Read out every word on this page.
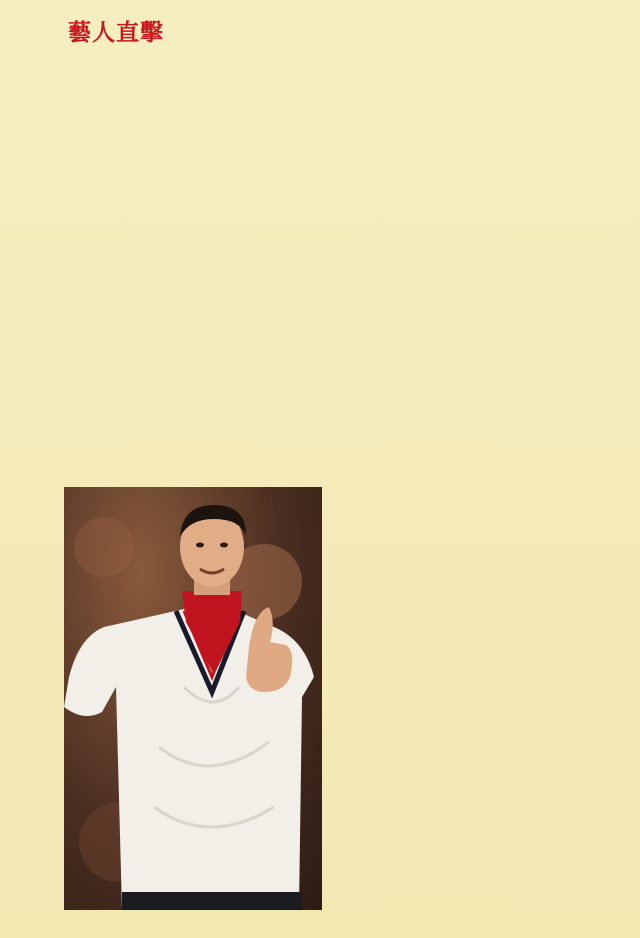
藝人直擊
